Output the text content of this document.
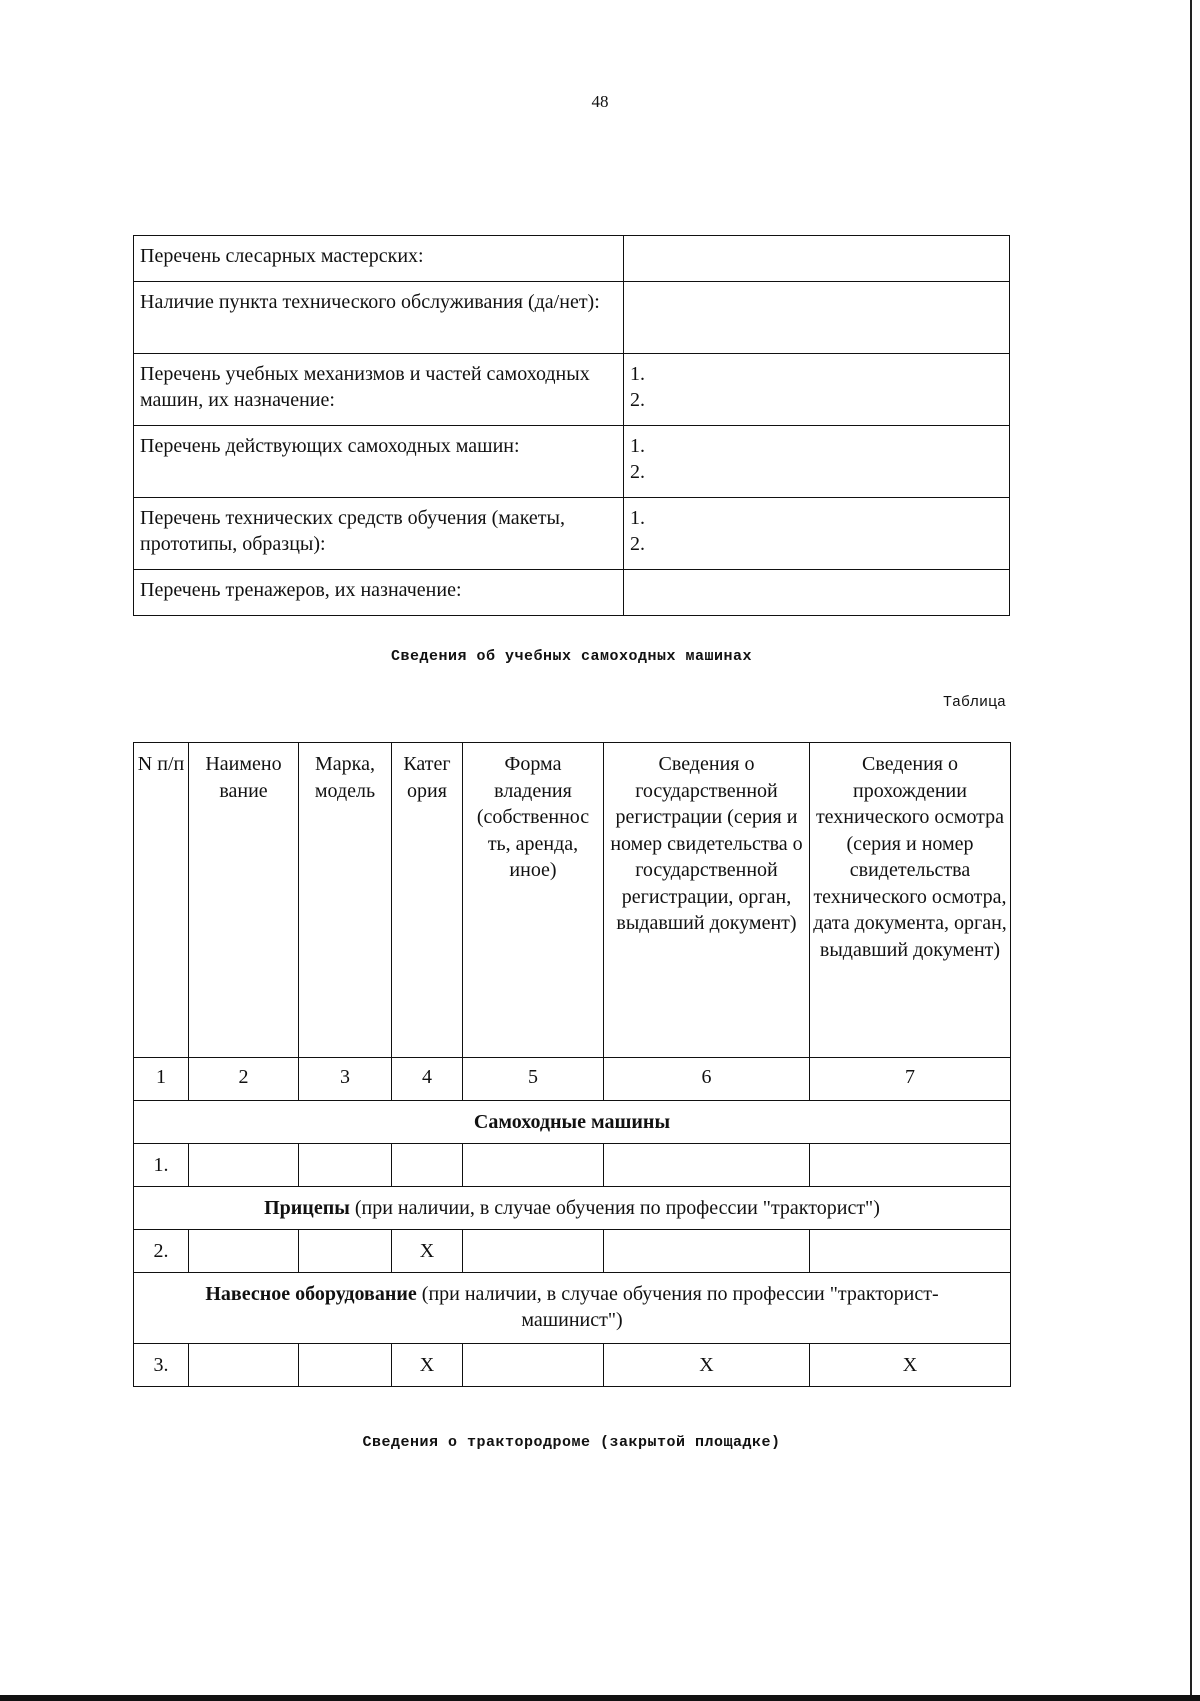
48
Перечень слесарных мастерских:	
Наличие пункта технического обслуживания (да/нет):	
Перечень учебных механизмов и частей самоходных машин, их назначение:	1.
2.

Перечень действующих самоходных машин:	1.
2.

Перечень технических средств обучения (макеты, прототипы, образцы):	1.
2.

Перечень тренажеров, их назначение:	
Сведения об учебных самоходных машинах
Таблица
N п/п	Наимено вание	Марка, модель	Катег ория	Форма владения (собственнос ть, аренда, иное)	Сведения о государственной регистрации (серия и номер свидетельства о государственной регистрации, орган, выдавший документ)	Сведения о прохождении технического осмотра (серия и номер свидетельства технического осмотра, дата документа, орган, выдавший документ)
1	2	3	4	5	6	7
Самоходные машины						
1.						
Прицепы (при наличии, в случае обучения по профессии "тракторист")						
2.			X			
Навесное оборудование (при наличии, в случае обучения по профессии "тракторист-машинист")						
3.			X		X	X
Сведения о трактородроме (закрытой площадке)
